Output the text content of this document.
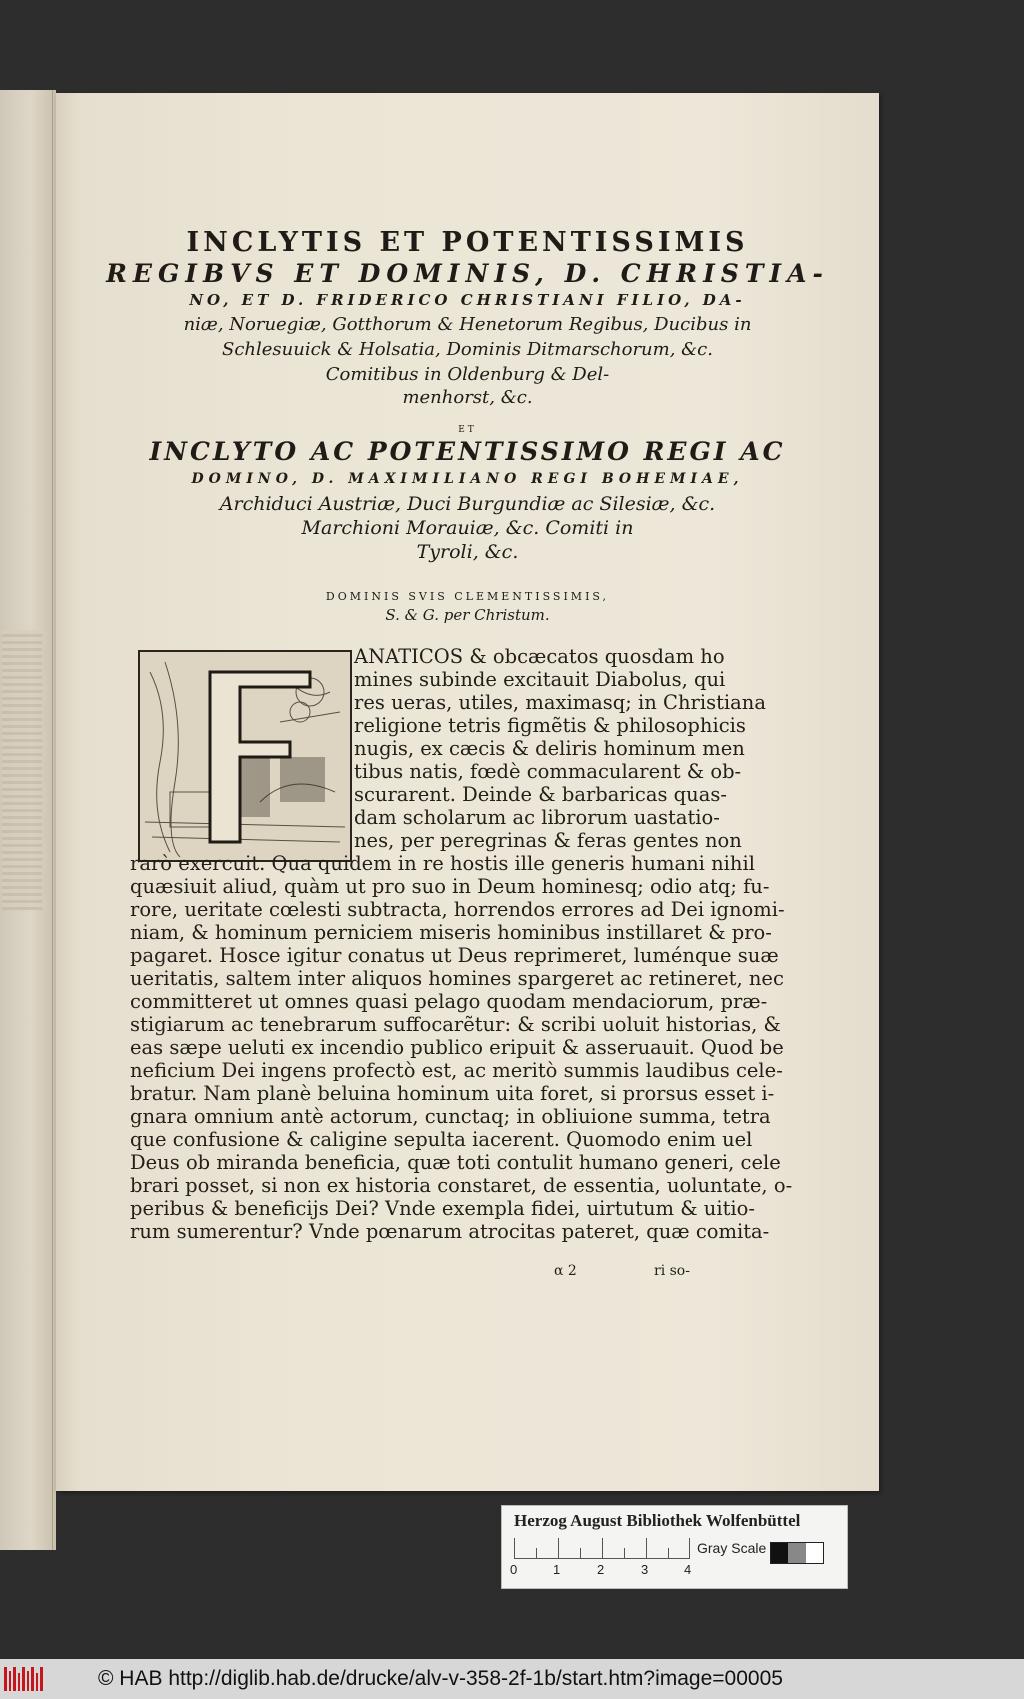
INCLYTIS ET POTENTISSIMIS

REGIBVS ET DOMINIS, D. CHRISTIA-

NO, ET D. FRIDERICO CHRISTIANI FILIO, DA-

niæ, Noruegiæ, Gotthorum & Henetorum Regibus, Ducibus in

Schlesuuick & Holsatia, Dominis Ditmarschorum, &c.

Comitibus in Oldenburg & Del-

menhorst, &c.

ET

INCLYTO AC POTENTISSIMO REGI AC

DOMINO, D. MAXIMILIANO REGI BOHEMIAE,

Archiduci Austriæ, Duci Burgundiæ ac Silesiæ, &c.

Marchioni Morauiæ, &c. Comiti in

Tyroli, &c.

DOMINIS SVIS CLEMENTISSIMIS,

S. & G. per Christum.

ANATICOS & obcæcatos quosdam ho

mines subinde excitauit Diabolus, qui

res ueras, utiles, maximasq; in Christiana

religione tetris figmẽtis & philosophicis

nugis, ex cæcis & deliris hominum men

tibus natis, fœdè commacularent & ob-

scurarent. Deinde & barbaricas quas-

dam scholarum ac librorum uastatio-

nes, per peregrinas & feras gentes non

rarò exercuit. Qua quidem in re hostis ille generis humani nihil

quæsiuit aliud, quàm ut pro suo in Deum hominesq; odio atq; fu-

rore, ueritate cœlesti subtracta, horrendos errores ad Dei ignomi-

niam, & hominum perniciem miseris hominibus instillaret & pro-

pagaret. Hosce igitur conatus ut Deus reprimeret, luménque suæ

ueritatis, saltem inter aliquos homines spargeret ac retineret, nec

committeret ut omnes quasi pelago quodam mendaciorum, præ-

stigiarum ac tenebrarum suffocarẽtur: & scribi uoluit historias, &

eas sæpe ueluti ex incendio publico eripuit & asseruauit. Quod be

neficium Dei ingens profectò est, ac meritò summis laudibus cele-

bratur. Nam planè beluina hominum uita foret, si prorsus esset i-

gnara omnium antè actorum, cunctaq; in obliuione summa, tetra

que confusione & caligine sepulta iacerent. Quomodo enim uel

Deus ob miranda beneficia, quæ toti contulit humano generi, cele

brari posset, si non ex historia constaret, de essentia, uoluntate, o-

peribus & beneficijs Dei? Vnde exempla fidei, uirtutum & uitio-

rum sumerentur? Vnde pœnarum atrocitas pateret, quæ comita-

α 2	ri so-
Herzog August Bibliothek Wolfenbüttel
0	1	2	3	4
Gray Scale
© HAB http://diglib.hab.de/drucke/alv-v-358-2f-1b/start.htm?image=00005
